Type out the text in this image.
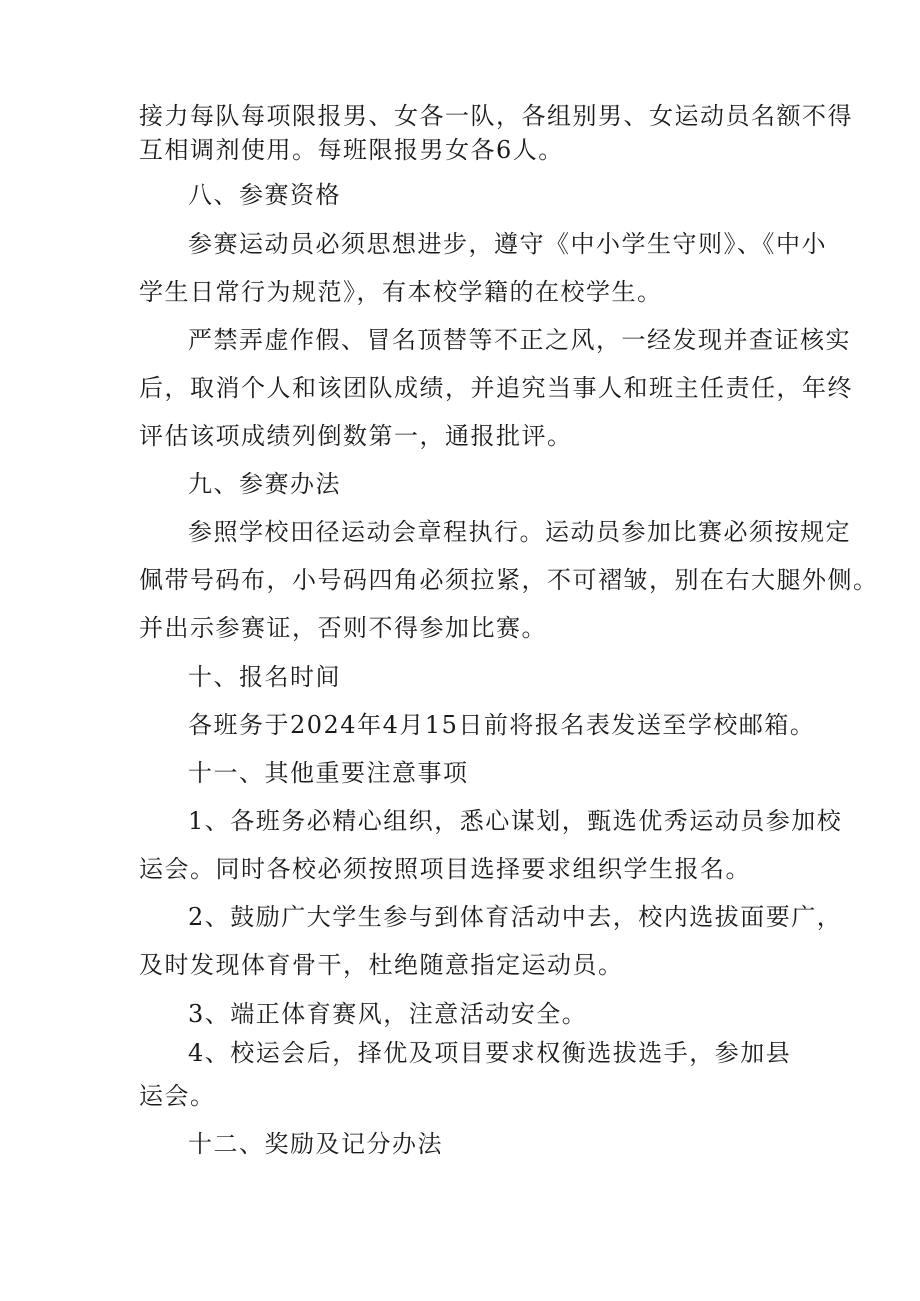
接力每队每项限报男、女各一队，各组别男、女运动员名额不得
互相调剂使用。每班限报男女各6人。
八、参赛资格
参赛运动员必须思想进步，遵守《中小学生守则》、《中小
学生日常行为规范》，有本校学籍的在校学生。
严禁弄虚作假、冒名顶替等不正之风，一经发现并查证核实
后，取消个人和该团队成绩，并追究当事人和班主任责任，年终
评估该项成绩列倒数第一，通报批评。
九、参赛办法
参照学校田径运动会章程执行。运动员参加比赛必须按规定
佩带号码布，小号码四角必须拉紧，不可褶皱，别在右大腿外侧。
并出示参赛证，否则不得参加比赛。
十、报名时间
各班务于2024年4月15日前将报名表发送至学校邮箱。
十一、其他重要注意事项
1、各班务必精心组织，悉心谋划，甄选优秀运动员参加校
运会。同时各校必须按照项目选择要求组织学生报名。
2、鼓励广大学生参与到体育活动中去，校内选拔面要广，
及时发现体育骨干，杜绝随意指定运动员。
3、端正体育赛风，注意活动安全。
4、校运会后，择优及项目要求权衡选拔选手，参加县
运会。
十二、奖励及记分办法
